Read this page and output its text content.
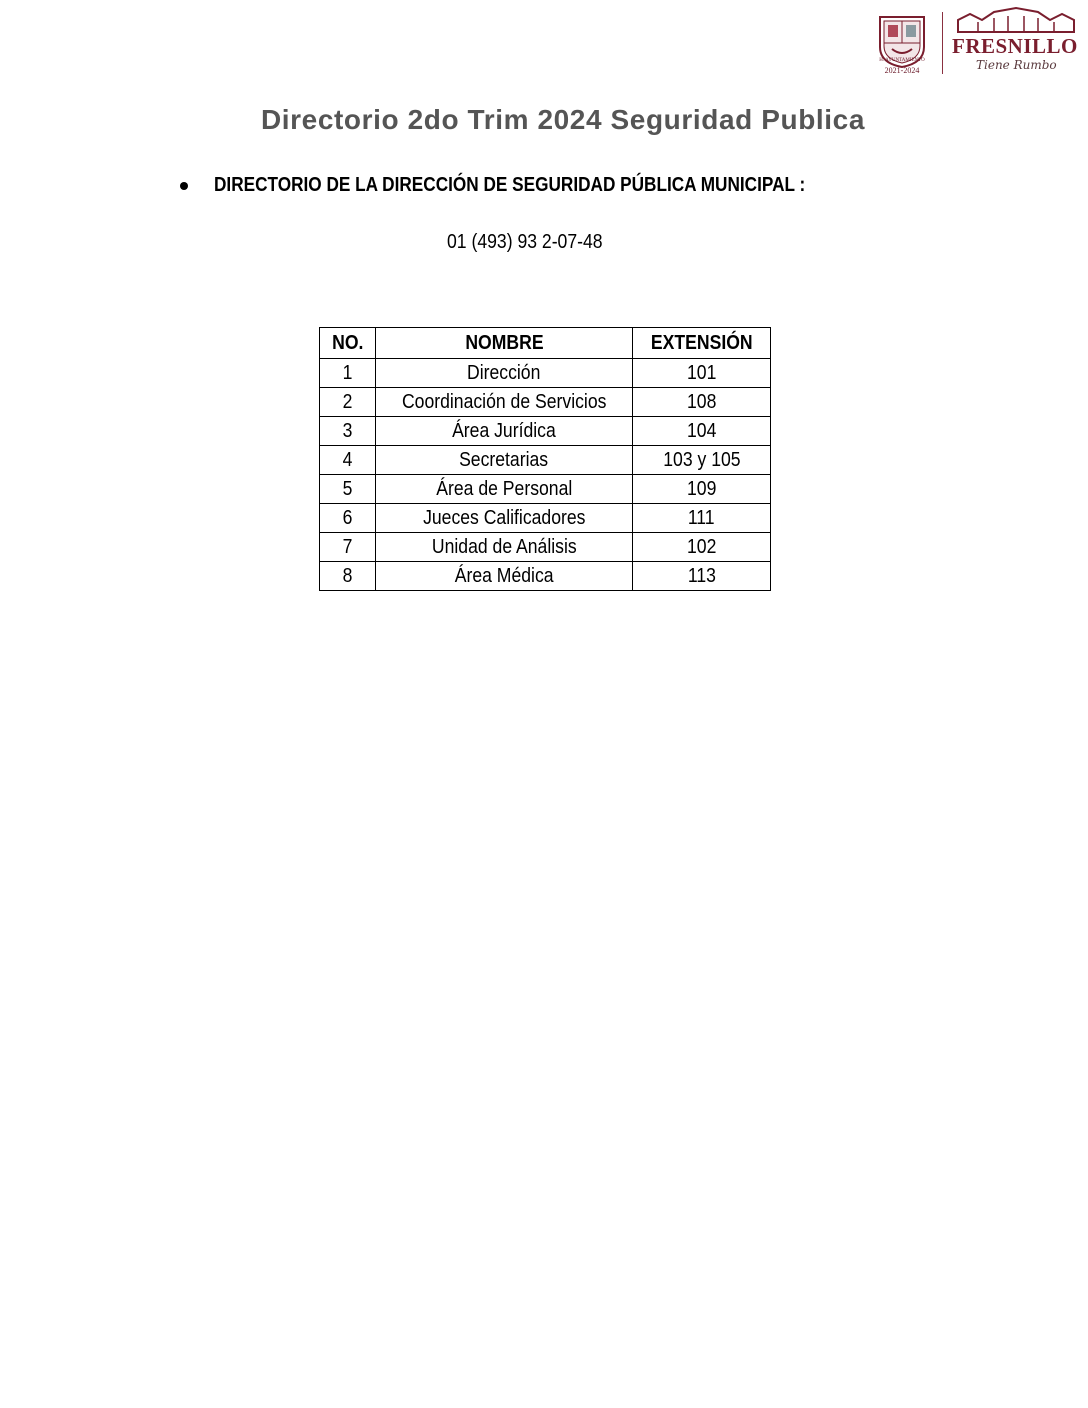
H. AYUNTAMIENTO
2021-2024
FRESNILLO
Tiene Rumbo
Directorio 2do Trim 2024 Seguridad Publica
DIRECTORIO DE LA DIRECCIÓN DE SEGURIDAD PÚBLICA MUNICIPAL :
01 (493) 93 2-07-48
NO.	NOMBRE	EXTENSIÓN
1	Dirección	101
2	Coordinación de Servicios	108
3	Área Jurídica	104
4	Secretarias	103 y 105
5	Área de Personal	109
6	Jueces Calificadores	111
7	Unidad de Análisis	102
8	Área Médica	113
